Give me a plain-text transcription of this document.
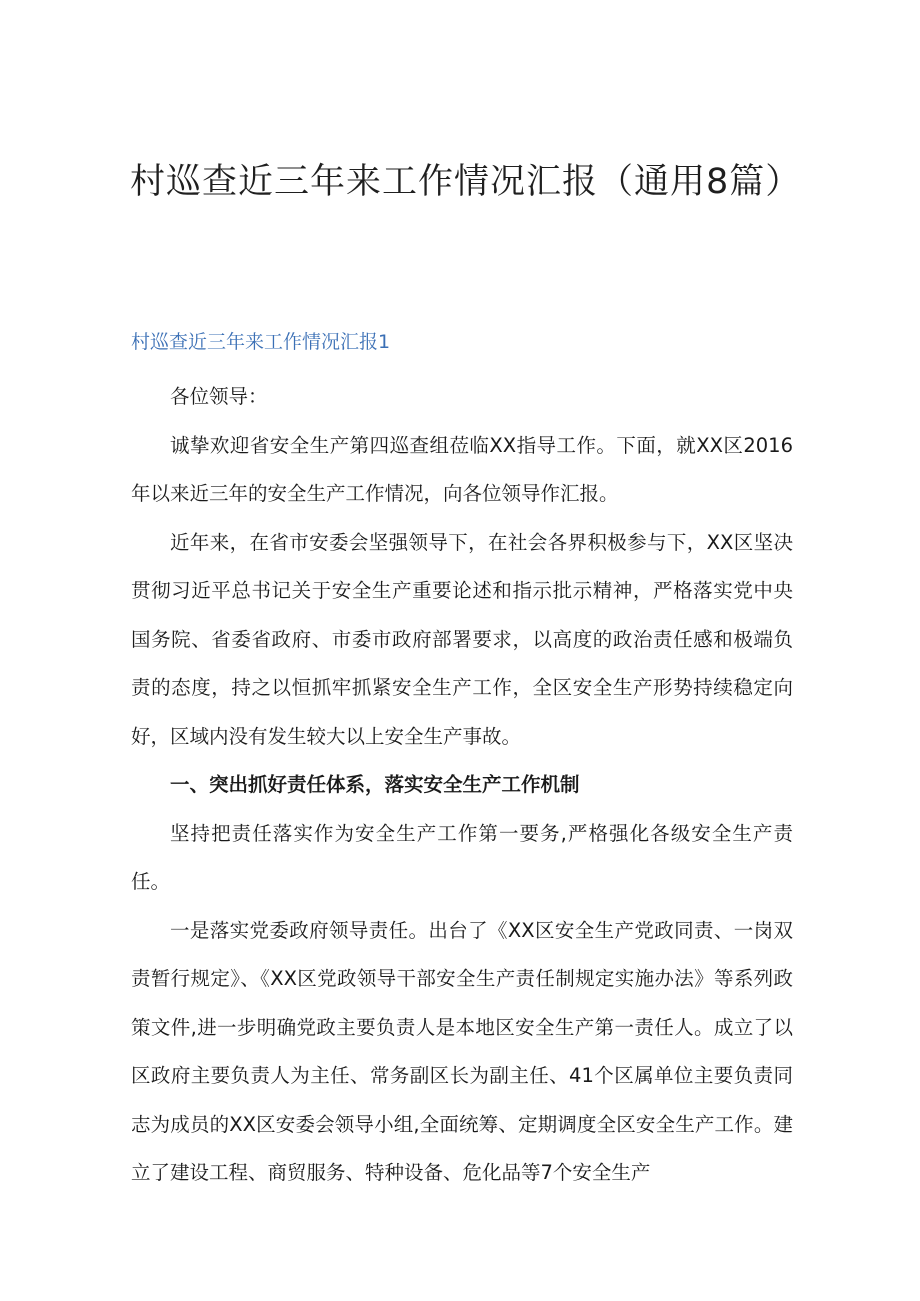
村巡查近三年来工作情况汇报（通用8篇）
村巡查近三年来工作情况汇报1

各位领导：

诚挚欢迎省安全生产第四巡查组莅临XX指导工作。下面，就XX区2016年以来近三年的安全生产工作情况，向各位领导作汇报。

近年来，在省市安委会坚强领导下，在社会各界积极参与下，XX区坚决贯彻习近平总书记关于安全生产重要论述和指示批示精神，严格落实党中央国务院、省委省政府、市委市政府部署要求，以高度的政治责任感和极端负责的态度，持之以恒抓牢抓紧安全生产工作，全区安全生产形势持续稳定向好，区域内没有发生较大以上安全生产事故。

一、突出抓好责任体系，落实安全生产工作机制

坚持把责任落实作为安全生产工作第一要务,严格强化各级安全生产责任。

一是落实党委政府领导责任。出台了《XX区安全生产党政同责、一岗双责暂行规定》、《XX区党政领导干部安全生产责任制规定实施办法》等系列政策文件,进一步明确党政主要负责人是本地区安全生产第一责任人。成立了以区政府主要负责人为主任、常务副区长为副主任、41个区属单位主要负责同志为成员的XX区安委会领导小组,全面统筹、定期调度全区安全生产工作。建立了建设工程、商贸服务、特种设备、危化品等7个安全生产
